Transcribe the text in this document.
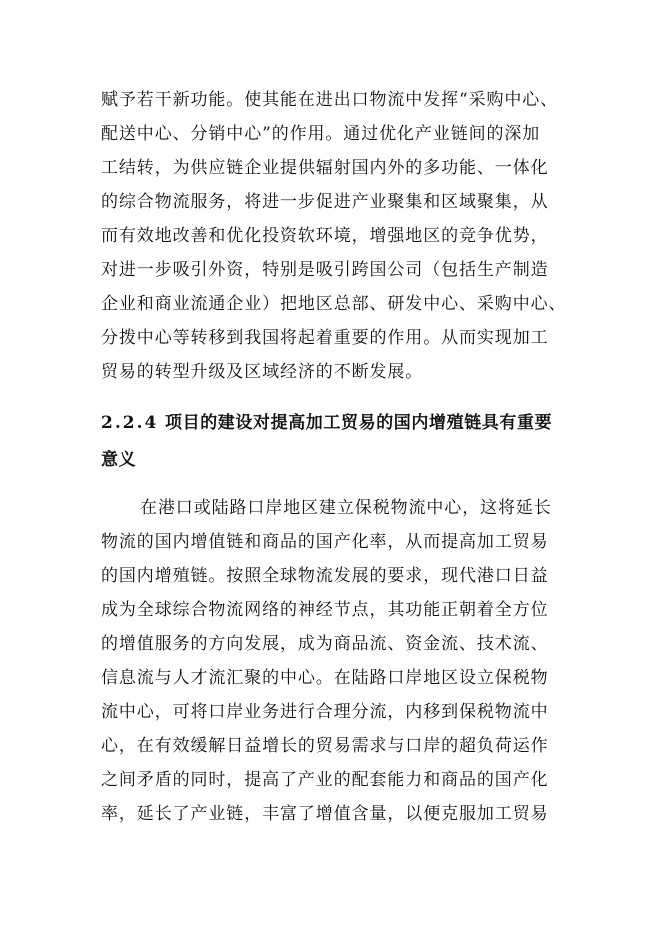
赋予若干新功能。使其能在进出口物流中发挥“采购中心、
配送中心、分销中心”的作用。通过优化产业链间的深加
工结转，为供应链企业提供辐射国内外的多功能、一体化
的综合物流服务，将进一步促进产业聚集和区域聚集，从
而有效地改善和优化投资软环境，增强地区的竞争优势，
对进一步吸引外资，特别是吸引跨国公司（包括生产制造
企业和商业流通企业）把地区总部、研发中心、采购中心、
分拨中心等转移到我国将起着重要的作用。从而实现加工
贸易的转型升级及区域经济的不断发展。
2.2.4 项目的建设对提高加工贸易的国内增殖链具有重要
意义
在港口或陆路口岸地区建立保税物流中心，这将延长
物流的国内增值链和商品的国产化率，从而提高加工贸易
的国内增殖链。按照全球物流发展的要求，现代港口日益
成为全球综合物流网络的神经节点，其功能正朝着全方位
的增值服务的方向发展，成为商品流、资金流、技术流、
信息流与人才流汇聚的中心。在陆路口岸地区设立保税物
流中心，可将口岸业务进行合理分流，内移到保税物流中
心，在有效缓解日益增长的贸易需求与口岸的超负荷运作
之间矛盾的同时，提高了产业的配套能力和商品的国产化
率，延长了产业链，丰富了增值含量，以便克服加工贸易
